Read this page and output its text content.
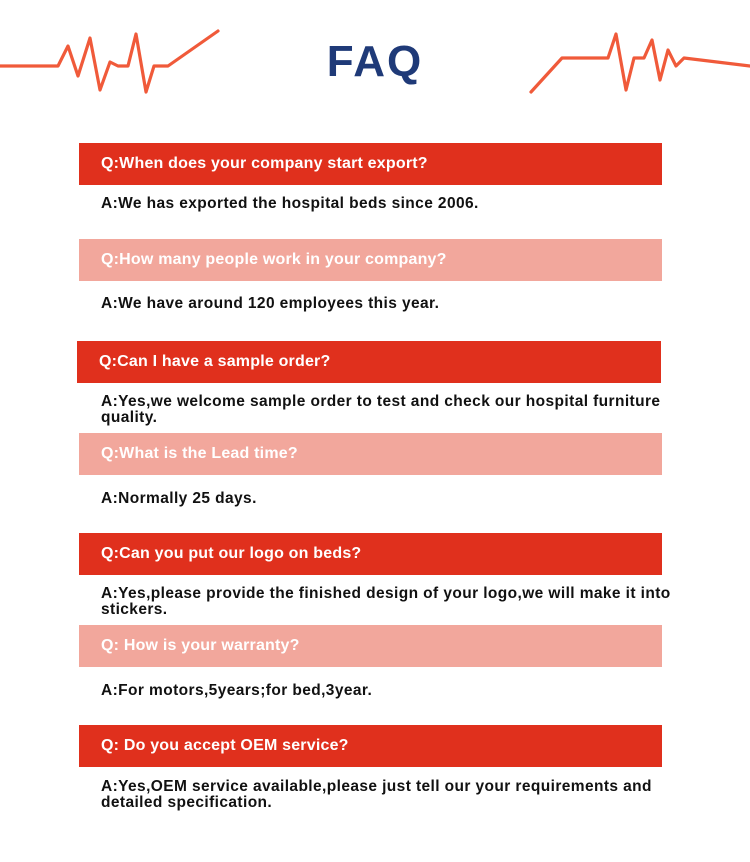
FAQ
Q:When does your company start export?
A:We has exported the hospital beds since 2006.
Q:How many people work in your company?
A:We have around 120 employees this year.
Q:Can I have a sample order?
A:Yes,we welcome sample order to test and check our hospital furniture quality.
Q:What is the Lead time?
A:Normally 25 days.
Q:Can you put our logo on beds?
A:Yes,please provide the finished design of your logo,we will make it into stickers.
Q: How is your warranty?
A:For motors,5years;for bed,3year.
Q: Do you accept OEM service?
A:Yes,OEM service available,please just tell our your requirements and detailed specification.
